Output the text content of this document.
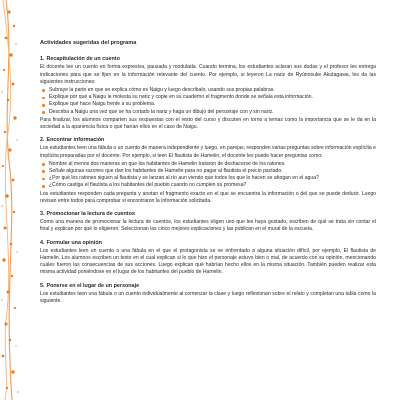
Actividades sugeridas del programa
1. Recapitulación de un cuento

El docente lee un cuento en forma expresiva, pausada y modulada. Cuando termina, los estudiantes aclaran sus dudas y el profesor les entrega indicaciones para que se fijen en la información relevante del cuento. Por ejemplo, si leyeron La nariz de Ryūnosuke Akutagawa, les da las siguientes instrucciones:

Subraye la parte en que se explica cómo es Naigu y luego describalo, usando sus propias palabras.
Explique por qué a Naigu le molesta su nariz y copie en su cuaderno el fragmento donde se señala esta información.
Explique qué hace Naigu frente a su problema.
Describa a Naigu una vez que se ha cortado la nariz y haga un dibujo del personaje con y sin nariz.

Para finalizar, los alumnos comparten sus respuestas con el resto del curso y discuten en torno a temas como la importancia que se le da en la sociedad a la apariencia física o qué harían ellos en el caso de Naigu.

2. Encontrar información

Los estudiantes leen una fábula o un cuento de manera independiente y luego, en parejas, responden varias preguntas sobre información explícita e implícita preparadas por el docente. Por ejemplo, si leen El flautista de Hamelin, el docente les puede hacer preguntas como:

Nombre al menos dos maneras en que los habitantes de Hamelin trataron de deshacerse de los ratones.
Señale algunas razones que dan los habitantes de Hamelin para no pagar al flautista el precio pactado.
¿Por qué los ratones siguen al flautista y se lanzan al río aun viendo que todos los que lo hacen se ahogan en el agua?
¿Cómo castiga el flautista a los habitantes del pueblo cuando no cumplen su promesa?

Los estudiantes responden cada pregunta y anotan el fragmento exacto en el que se encuentra la información o del que se puede deducir. Luego revisan entre todos para comprobar si encontraron la información solicitada.

3. Promocionar la lectura de cuentos

Como una manera de promocionar la lectura de cuentos, los estudiantes eligen uno que les haya gustado, escriben de qué se trata sin contar el final y explican por qué lo eligieron. Seleccionan las cinco mejores explicaciones y las publican en el mural de la escuela.

4. Formular una opinión

Los estudiantes leen un cuento o una fábula en el que el protagonista se ve enfrentado a alguna situación difícil, por ejemplo, El flautista de Hamelin. Los alumnos escriben un texto en el cual explican si lo que hizo el personaje estuvo bien o mal, de acuerdo con su opinión, mencionando cuáles fueron las consecuencias de sus acciones. Luego explican qué habrían hecho ellos en la misma situación. También pueden realizar esta misma actividad poniéndose en el lugar de los habitantes del pueblo de Hamelin.

5. Ponerse en el lugar de un personaje

Los estudiantes leen una fábula o un cuento individualmente al comenzar la clase y luego reflexionan sobre el relato y completan una tabla como la siguiente.
